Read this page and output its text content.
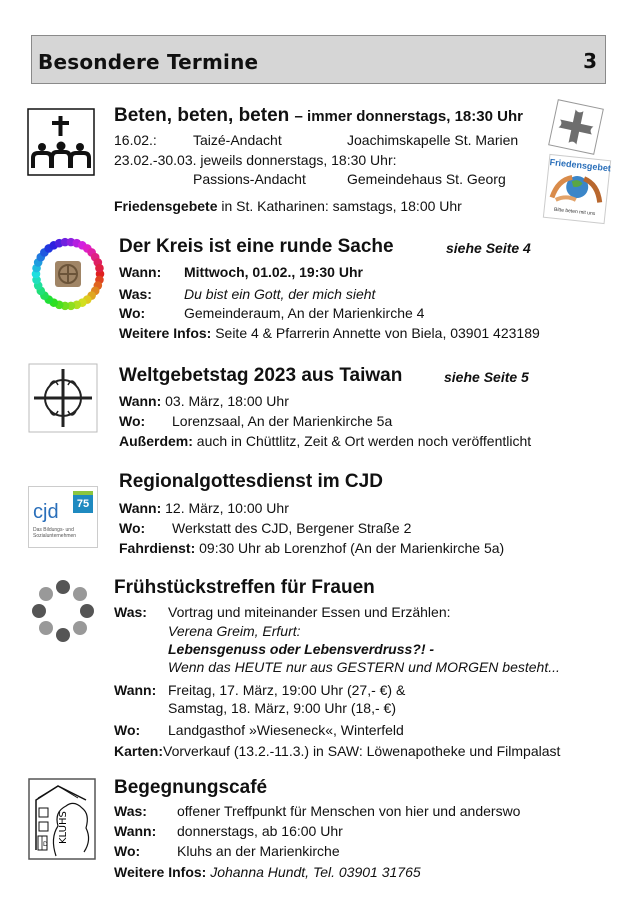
Besondere Termine	3
Beten, beten, beten – immer donnerstags, 18:30 Uhr
16.02.:	Taizé-Andacht	Joachimskapelle St. Marien
23.02.-30.03. jeweils donnerstags, 18:30 Uhr:
Passions-Andacht	Gemeindehaus St. Georg
Friedensgebete in St. Katharinen: samstags, 18:00 Uhr
Friedensgebet
Bitte beten mit uns
Der Kreis ist eine runde Sache	siehe Seite 4
Wann: Mittwoch, 01.02., 19:30 Uhr
Was: Du bist ein Gott, der mich sieht
Wo:	Gemeinderaum, An der Marienkirche 4
Weitere Infos: Seite 4 & Pfarrerin Annette von Biela, 03901 423189
Weltgebetstag 2023 aus Taiwan	siehe Seite 5
Wann: 03. März, 18:00 Uhr
Wo: Lorenzsaal, An der Marienkirche 5a
Außerdem: auch in Chüttlitz, Zeit & Ort werden noch veröffentlicht
cjd	75
Das Bildungs- und
Sozialunternehmen
Regionalgottesdienst im CJD
Wann: 12. März, 10:00 Uhr
Wo: Werkstatt des CJD, Bergener Straße 2
Fahrdienst: 09:30 Uhr ab Lorenzhof (An der Marienkirche 5a)
Frühstückstreffen für Frauen
Was: Vortrag und miteinander Essen und Erzählen:
Verena Greim, Erfurt:
Lebensgenuss oder Lebensverdruss?! -
Wenn das HEUTE nur aus GESTERN und MORGEN besteht...
Wann: Freitag, 17. März, 19:00 Uhr (27,- €) &
Samstag, 18. März, 9:00 Uhr (18,- €)
Wo: Landgasthof »Wieseneck«, Winterfeld
Karten:Vorverkauf (13.2.-11.3.) in SAW: Löwenapotheke und Filmpalast
KLUHS
D
Begegnungscafé
Was: offener Treffpunkt für Menschen von hier und anderswo
Wann: donnerstags, ab 16:00 Uhr
Wo:	Kluhs an der Marienkirche
Weitere Infos: Johanna Hundt, Tel. 03901 31765
